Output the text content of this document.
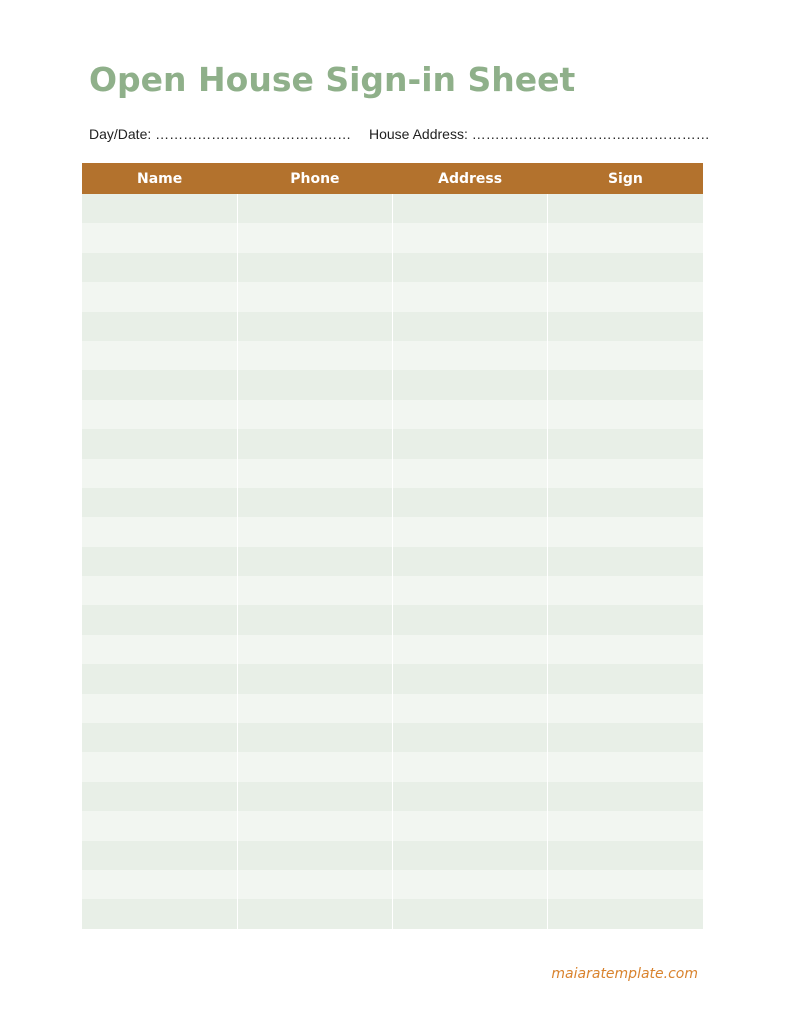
Open House Sign-in Sheet
Day/Date: …………………………………… House Address: ……………………………………………
Name	Phone	Address	Sign

maiaratemplate.com
